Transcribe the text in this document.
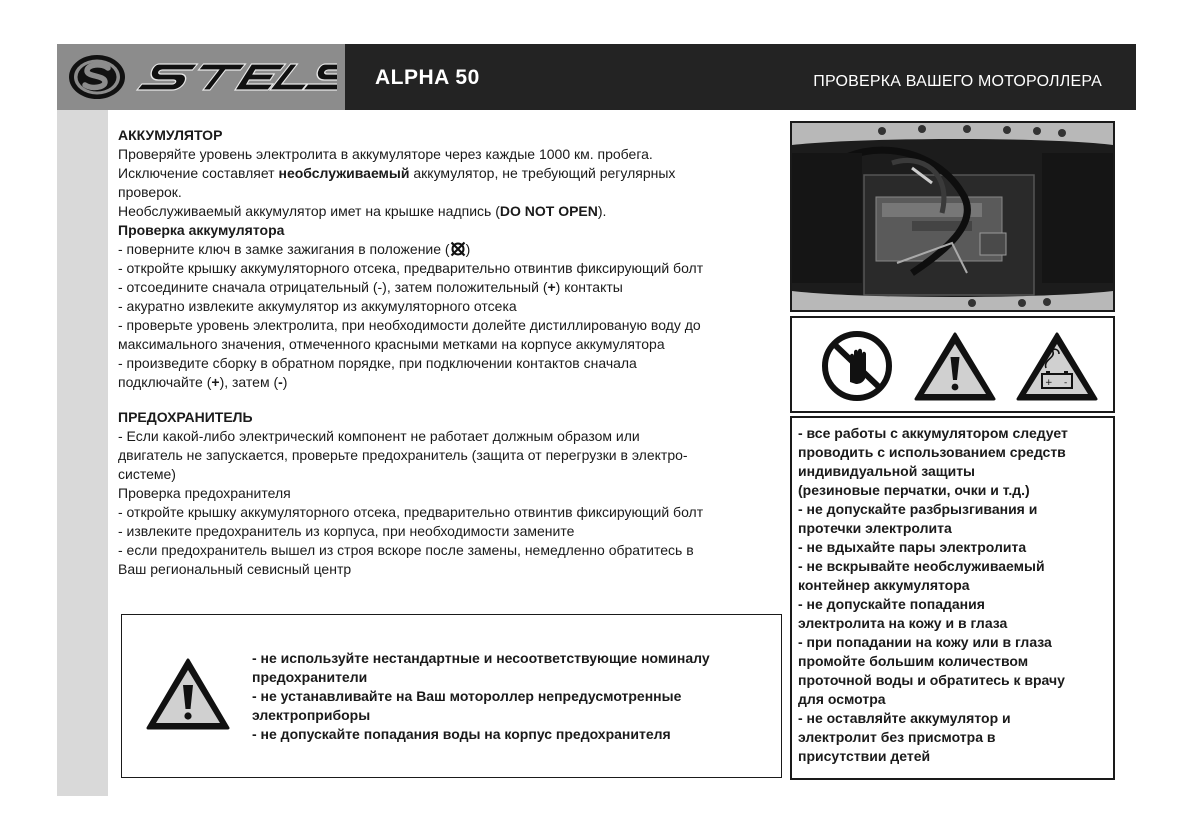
ALPHA 50	ПРОВЕРКА ВАШЕГО МОТОРОЛЛЕРА

АККУМУЛЯТОР

Проверяйте уровень электролита в аккумуляторе через каждые 1000 км. пробега.

Исключение составляет необслуживаемый аккумулятор, не требующий регулярных

проверок.

Необслуживаемый аккумулятор имет на крышке надпись (DO NOT OPEN).

Проверка аккумулятора

- поверните ключ в замке зажигания в положение ( )

- откройте крышку аккумуляторного отсека, предварительно отвинтив фиксирующий болт

- отсоедините сначала отрицательный (-), затем положительный (+) контакты

- акуратно извлеките аккумулятор из аккумуляторного отсека

- проверьте уровень электролита, при необходимости долейте дистиллированую воду до

максимального значения, отмеченного красными метками на корпусе аккумулятора

- произведите сборку в обратном порядке, при подключении контактов сначала

подключайте (+), затем (-)

ПРЕДОХРАНИТЕЛЬ

- Если какой-либо электрический компонент не работает должным образом или

двигатель не запускается, проверьте предохранитель (защита от перегрузки в электро-

системе)

Проверка предохранителя

- откройте крышку аккумуляторного отсека, предварительно отвинтив фиксирующий болт

- извлеките предохранитель из корпуса, при необходимости замените

- если предохранитель вышел из строя вскоре после замены, немедленно обратитесь в

Ваш региональный севисный центр

- не используйте нестандартные и несоответствующие номиналу

предохранители

- не устанавливайте на Ваш мотороллер непредусмотренные

электроприборы

- не допускайте попадания воды на корпус предохранителя

+ -

- все работы с аккумулятором следует

проводить с использованием средств

индивидуальной защиты

(резиновые перчатки, очки и т.д.)

- не допускайте разбрызгивания и

протечки электролита

- не вдыхайте пары электролита

- не вскрывайте необслуживаемый

контейнер аккумулятора

- не допускайте попадания

электролита на кожу и в глаза

- при попадании на кожу или в глаза

промойте большим количеством

проточной воды и обратитесь к врачу

для осмотра

- не оставляйте аккумулятор и

электролит без присмотра в

присутствии детей
